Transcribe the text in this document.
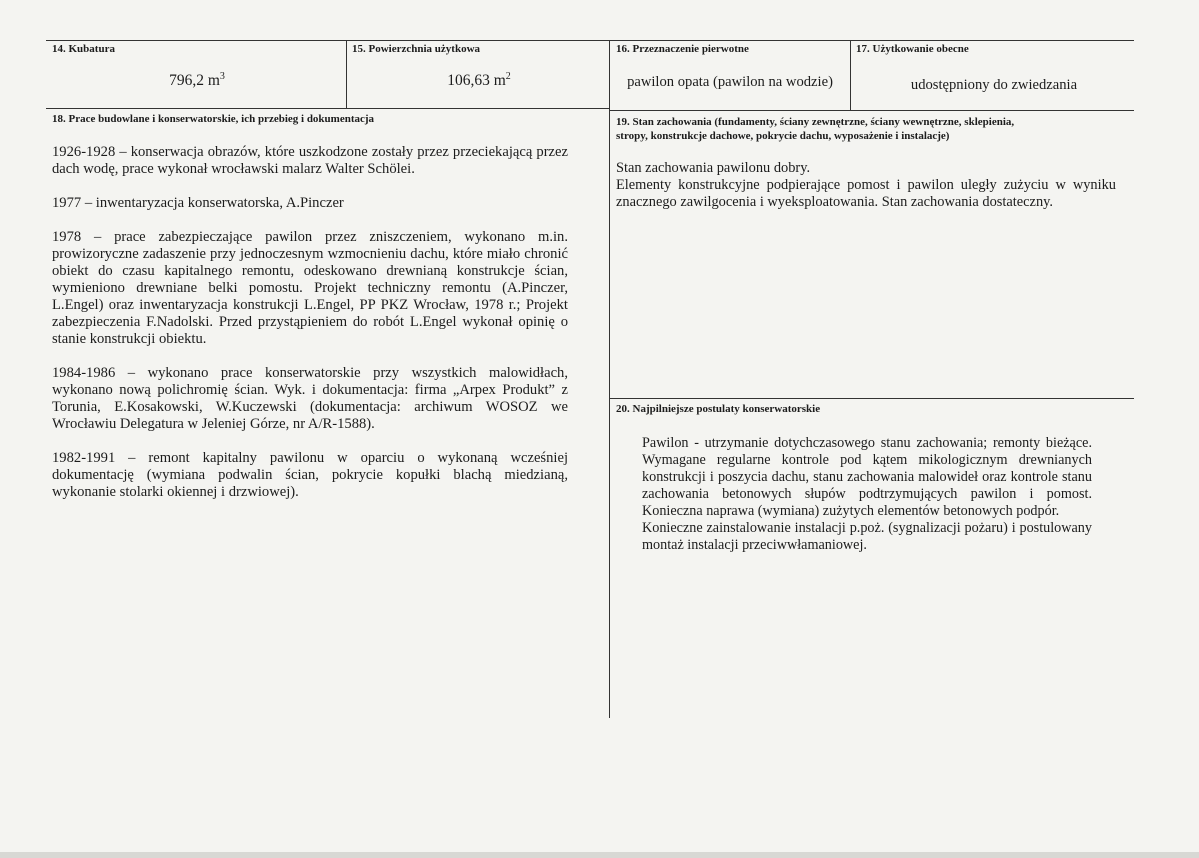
14. Kubatura
796,2 $m^3$
15. Powierzchnia użytkowa
106,63 $m^2$
16. Przeznaczenie pierwotne
pawilon opata (pawilon na wodzie)
17. Użytkowanie obecne
udostępniony do zwiedzania
18. Prace budowlane i konserwatorskie, ich przebieg i dokumentacja

1926-1928 – konserwacja obrazów, które uszkodzone zostały przez przeciekającą przez dach wodę, prace wykonał wrocławski malarz Walter Schölei.

1977 – inwentaryzacja konserwatorska, A.Pinczer

1978 – prace zabezpieczające pawilon przez zniszczeniem, wykonano m.in. prowizoryczne zadaszenie przy jednoczesnym wzmocnieniu dachu, które miało chronić obiekt do czasu kapitalnego remontu, odeskowano drewnianą konstrukcje ścian, wymieniono drewniane belki pomostu. Projekt techniczny remontu (A.Pinczer, L.Engel) oraz inwentaryzacja konstrukcji L.Engel, PP PKZ Wrocław, 1978 r.; Projekt zabezpieczenia F.Nadolski. Przed przystąpieniem do robót L.Engel wykonał opinię o stanie konstrukcji obiektu.

1984-1986 – wykonano prace konserwatorskie przy wszystkich malowidłach, wykonano nową polichromię ścian. Wyk. i dokumentacja: firma „Arpex Produkt” z Torunia, E.Kosakowski, W.Kuczewski (dokumentacja: archiwum WOSOZ we Wrocławiu Delegatura w Jeleniej Górze, nr A/R-1588).

1982-1991 – remont kapitalny pawilonu w oparciu o wykonaną wcześniej dokumentację (wymiana podwalin ścian, pokrycie kopułki blachą miedzianą, wykonanie stolarki okiennej i drzwiowej).

19. Stan zachowania (fundamenty, ściany zewnętrzne, ściany wewnętrzne, sklepienia,
stropy, konstrukcje dachowe, pokrycie dachu, wyposażenie i instalacje)
Stan zachowania pawilonu dobry.
Elementy konstrukcyjne podpierające pomost i pawilon uległy zużyciu w wyniku znacznego zawilgocenia i wyeksploatowania. Stan zachowania dostateczny.
20. Najpilniejsze postulaty konserwatorskie
Pawilon - utrzymanie dotychczasowego stanu zachowania; remonty bieżące. Wymagane regularne kontrole pod kątem mikologicznym drewnianych konstrukcji i poszycia dachu, stanu zachowania malowideł oraz kontrole stanu zachowania betonowych słupów podtrzymujących pawilon i pomost. Konieczna naprawa (wymiana) zużytych elementów betonowych podpór.
Konieczne zainstalowanie instalacji p.poż. (sygnalizacji pożaru) i postulowany montaż instalacji przeciwwłamaniowej.
